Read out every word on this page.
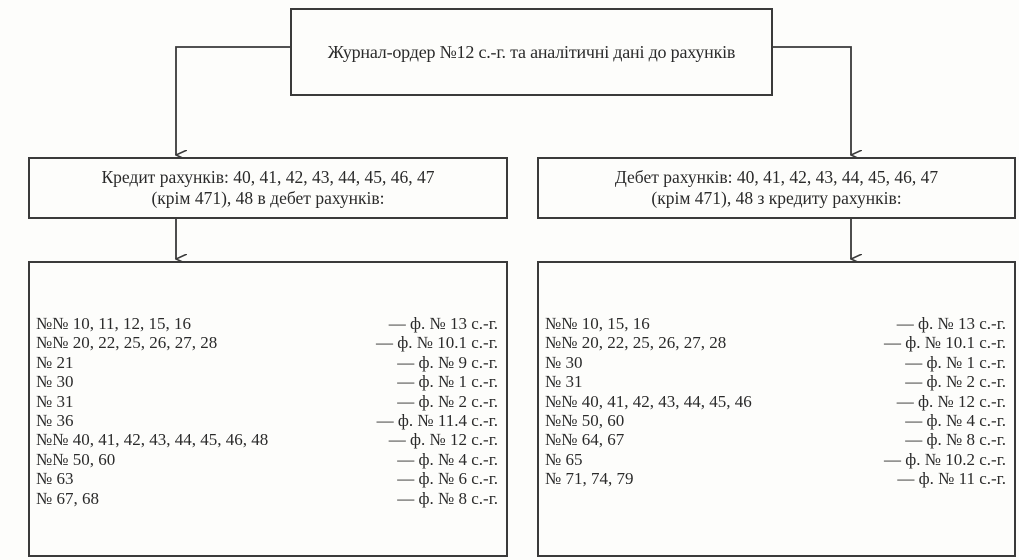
Журнал-ордер №12 с.-г. та аналітичні дані до рахунків
Кредит рахунків: 40, 41, 42, 43, 44, 45, 46, 47
(крім 471), 48 в дебет рахунків:
Дебет рахунків: 40, 41, 42, 43, 44, 45, 46, 47
(крім 471), 48 з кредиту рахунків:
№№ 10, 11, 12, 15, 16	— ф. № 13 с.-г.
№№ 20, 22, 25, 26, 27, 28	— ф. № 10.1 с.-г.
№ 21	— ф. № 9 с.-г.
№ 30	— ф. № 1 с.-г.
№ 31	— ф. № 2 с.-г.
№ 36	— ф. № 11.4 с.-г.
№№ 40, 41, 42, 43, 44, 45, 46, 48	— ф. № 12 с.-г.
№№ 50, 60	— ф. № 4 с.-г.
№ 63	— ф. № 6 с.-г.
№ 67, 68	— ф. № 8 с.-г.
№№ 10, 15, 16	— ф. № 13 с.-г.
№№ 20, 22, 25, 26, 27, 28	— ф. № 10.1 с.-г.
№ 30	— ф. № 1 с.-г.
№ 31	— ф. № 2 с.-г.
№№ 40, 41, 42, 43, 44, 45, 46	— ф. № 12 с.-г.
№№ 50, 60	— ф. № 4 с.-г.
№№ 64, 67	— ф. № 8 с.-г.
№ 65	— ф. № 10.2 с.-г.
№ 71, 74, 79	— ф. № 11 с.-г.
